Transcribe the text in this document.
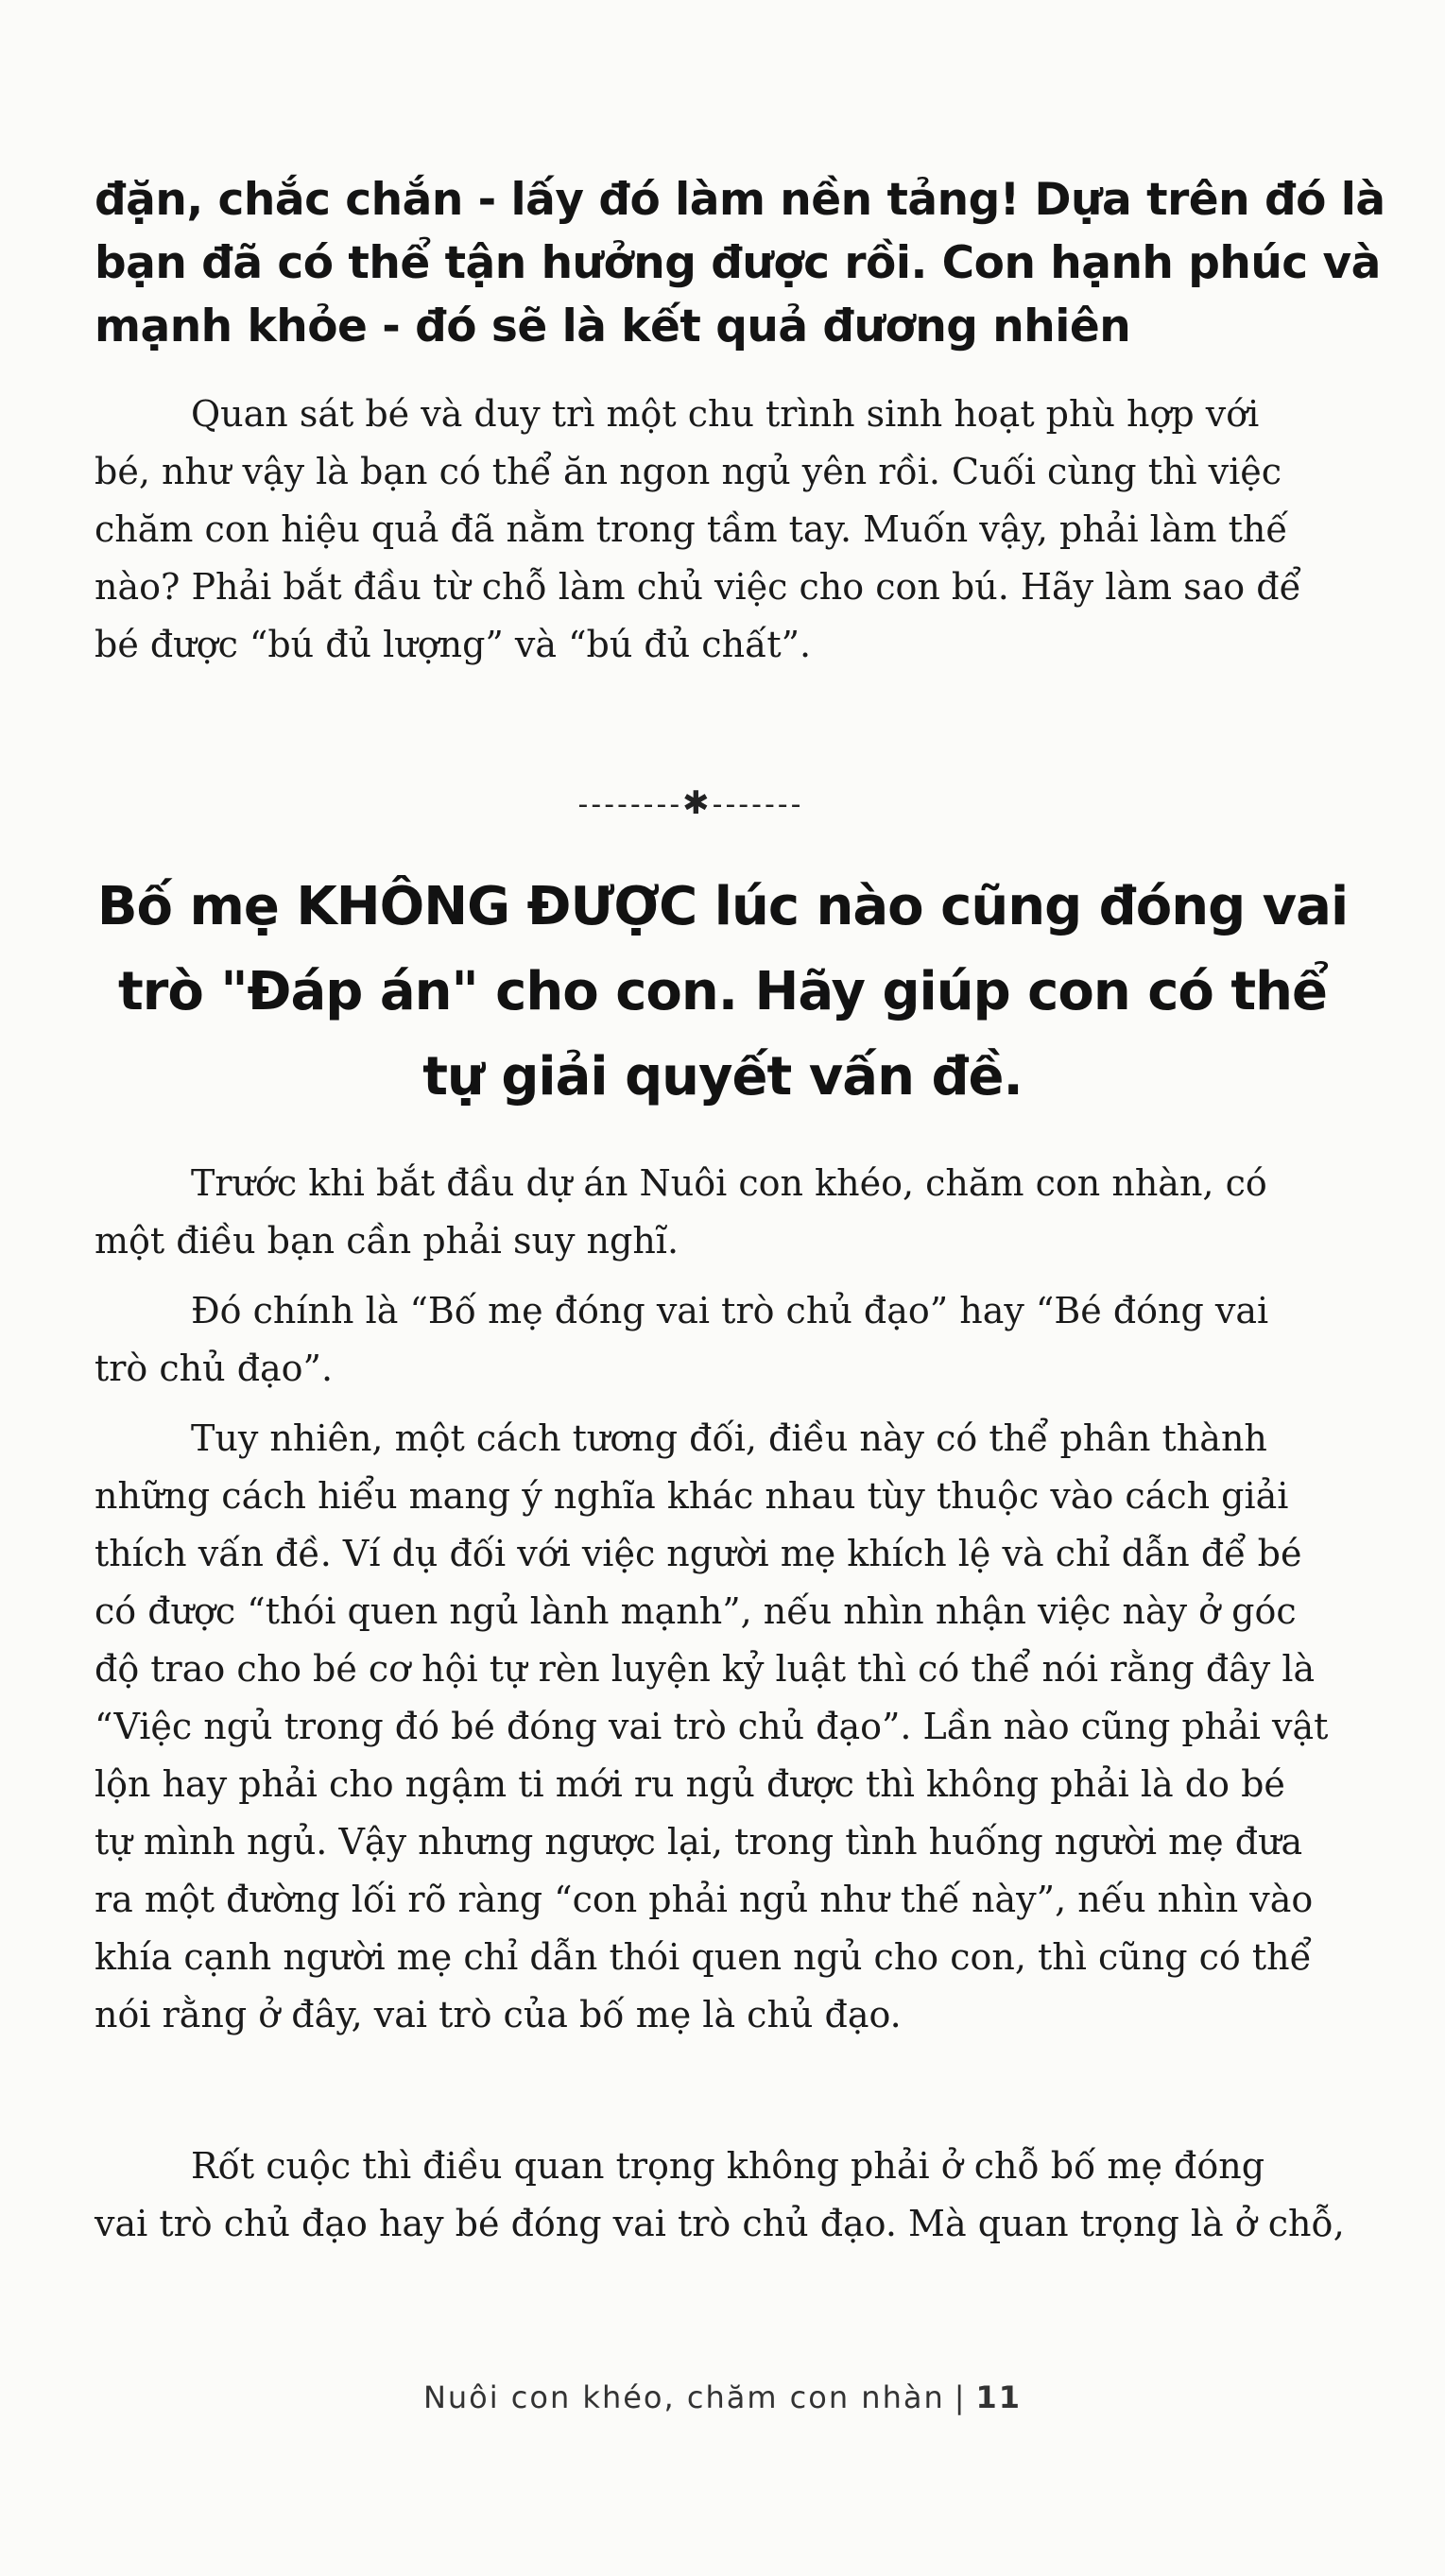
đặn, chắc chắn - lấy đó làm nền tảng! Dựa trên đó là
bạn đã có thể tận hưởng được rồi. Con hạnh phúc và
mạnh khỏe - đó sẽ là kết quả đương nhiên
Quan sát bé và duy trì một chu trình sinh hoạt phù hợp với
bé, như vậy là bạn có thể ăn ngon ngủ yên rồi. Cuối cùng thì việc
chăm con hiệu quả đã nằm trong tầm tay. Muốn vậy, phải làm thế
nào? Phải bắt đầu từ chỗ làm chủ việc cho con bú. Hãy làm sao để
bé được “bú đủ lượng” và “bú đủ chất”.
--------✱-------
Bố mẹ KHÔNG ĐƯỢC lúc nào cũng đóng vai
trò "Đáp án" cho con. Hãy giúp con có thể
tự giải quyết vấn đề.
Trước khi bắt đầu dự án Nuôi con khéo, chăm con nhàn, có
một điều bạn cần phải suy nghĩ.
Đó chính là “Bố mẹ đóng vai trò chủ đạo” hay “Bé đóng vai
trò chủ đạo”.
Tuy nhiên, một cách tương đối, điều này có thể phân thành
những cách hiểu mang ý nghĩa khác nhau tùy thuộc vào cách giải
thích vấn đề. Ví dụ đối với việc người mẹ khích lệ và chỉ dẫn để bé
có được “thói quen ngủ lành mạnh”, nếu nhìn nhận việc này ở góc
độ trao cho bé cơ hội tự rèn luyện kỷ luật thì có thể nói rằng đây là
“Việc ngủ trong đó bé đóng vai trò chủ đạo”. Lần nào cũng phải vật
lộn hay phải cho ngậm ti mới ru ngủ được thì không phải là do bé
tự mình ngủ. Vậy nhưng ngược lại, trong tình huống người mẹ đưa
ra một đường lối rõ ràng “con phải ngủ như thế này”, nếu nhìn vào
khía cạnh người mẹ chỉ dẫn thói quen ngủ cho con, thì cũng có thể
nói rằng ở đây, vai trò của bố mẹ là chủ đạo.
Rốt cuộc thì điều quan trọng không phải ở chỗ bố mẹ đóng
vai trò chủ đạo hay bé đóng vai trò chủ đạo. Mà quan trọng là ở chỗ,
Nuôi con khéo, chăm con nhàn | 11
